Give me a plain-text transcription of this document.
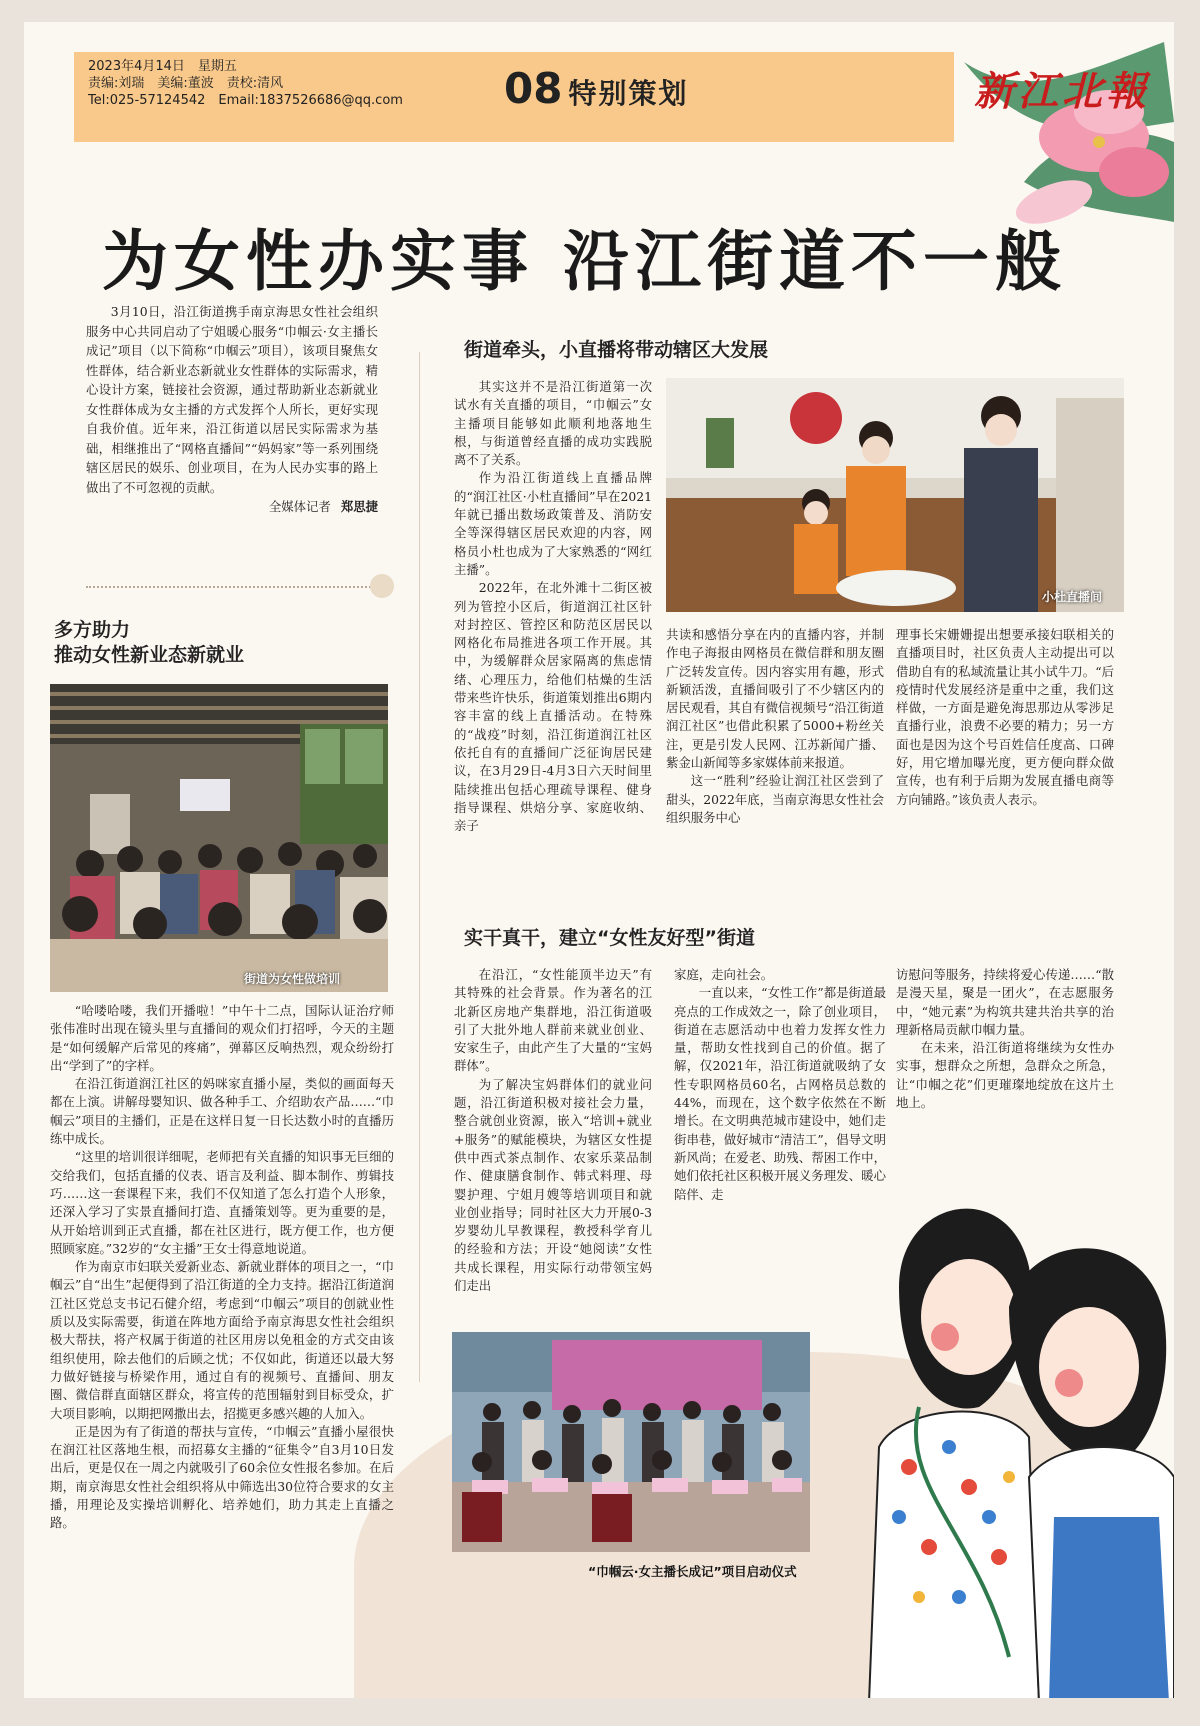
2023年4月14日　星期五
责编:刘瑞　美编:董波　责校:清风
Tel:025-57124542　Email:1837526686@qq.com 08 特别策划	新江北報
为女性办实事 沿江街道不一般

3月10日，沿江街道携手南京海思女性社会组织服务中心共同启动了宁姐暖心服务“巾帼云·女主播长成记”项目（以下简称“巾帼云”项目），该项目聚焦女性群体，结合新业态新就业女性群体的实际需求，精心设计方案，链接社会资源，通过帮助新业态新就业女性群体成为女主播的方式发挥个人所长，更好实现自我价值。近年来，沿江街道以居民实际需求为基础，相继推出了“网格直播间”“妈妈家”等一系列围绕辖区居民的娱乐、创业项目，在为人民办实事的路上做出了不可忽视的贡献。

全媒体记者 郑思捷
多方助力
推动女性新业态新就业
街道为女性做培训

“哈喽哈喽，我们开播啦！”中午十二点，国际认证治疗师张伟准时出现在镜头里与直播间的观众们打招呼，今天的主题是“如何缓解产后常见的疼痛”，弹幕区反响热烈，观众纷纷打出“学到了”的字样。

在沿江街道润江社区的妈咪家直播小屋，类似的画面每天都在上演。讲解母婴知识、做各种手工、介绍助农产品……“巾帼云”项目的主播们，正是在这样日复一日长达数小时的直播历练中成长。

“这里的培训很详细呢，老师把有关直播的知识事无巨细的交给我们，包括直播的仪表、语言及利益、脚本制作、剪辑技巧……这一套课程下来，我们不仅知道了怎么打造个人形象，还深入学习了实景直播间打造、直播策划等。更为重要的是，从开始培训到正式直播，都在社区进行，既方便工作，也方便照顾家庭。”32岁的“女主播”王女士得意地说道。

作为南京市妇联关爱新业态、新就业群体的项目之一，“巾帼云”自“出生”起便得到了沿江街道的全力支持。据沿江街道润江社区党总支书记石健介绍，考虑到“巾帼云”项目的创就业性质以及实际需要，街道在阵地方面给予南京海思女性社会组织极大帮扶，将产权属于街道的社区用房以免租金的方式交由该组织使用，除去他们的后顾之忧；不仅如此，街道还以最大努力做好链接与桥梁作用，通过自有的视频号、直播间、朋友圈、微信群直面辖区群众，将宣传的范围辐射到目标受众，扩大项目影响，以期把网撒出去，招揽更多感兴趣的人加入。

正是因为有了街道的帮扶与宣传，“巾帼云”直播小屋很快在润江社区落地生根，而招募女主播的“征集令”自3月10日发出后，更是仅在一周之内就吸引了60余位女性报名参加。在后期，南京海思女性社会组织将从中筛选出30位符合要求的女主播，用理论及实操培训孵化、培养她们，助力其走上直播之路。

街道牵头，小直播将带动辖区大发展

其实这并不是沿江街道第一次试水有关直播的项目，“巾帼云”女主播项目能够如此顺利地落地生根，与街道曾经直播的成功实践脱离不了关系。

作为沿江街道线上直播品牌的“润江社区·小杜直播间”早在2021年就已播出数场政策普及、消防安全等深得辖区居民欢迎的内容，网格员小杜也成为了大家熟悉的“网红主播”。

2022年，在北外滩十二街区被列为管控小区后，街道润江社区针对封控区、管控区和防范区居民以网格化布局推进各项工作开展。其中，为缓解群众居家隔离的焦虑情绪、心理压力，给他们枯燥的生活带来些许快乐，街道策划推出6期内容丰富的线上直播活动。在特殊的“战疫”时刻，沿江街道润江社区依托自有的直播间广泛征询居民建议，在3月29日-4月3日六天时间里陆续推出包括心理疏导课程、健身指导课程、烘焙分享、家庭收纳、亲子

小杜直播间

共读和感悟分享在内的直播内容，并制作电子海报由网格员在微信群和朋友圈广泛转发宣传。因内容实用有趣，形式新颖活泼，直播间吸引了不少辖区内的居民观看，其自有微信视频号“沿江街道润江社区”也借此积累了5000+粉丝关注，更是引发人民网、江苏新闻广播、紫金山新闻等多家媒体前来报道。

这一“胜利”经验让润江社区尝到了甜头，2022年底，当南京海思女性社会组织服务中心

理事长宋姗姗提出想要承接妇联相关的直播项目时，社区负责人主动提出可以借助自有的私域流量让其小试牛刀。“后疫情时代发展经济是重中之重，我们这样做，一方面是避免海思那边从零涉足直播行业，浪费不必要的精力；另一方面也是因为这个号百姓信任度高、口碑好，用它增加曝光度，更方便向群众做宣传，也有利于后期为发展直播电商等方向铺路。”该负责人表示。

实干真干，建立“女性友好型”街道

在沿江，“女性能顶半边天”有其特殊的社会背景。作为著名的江北新区房地产集群地，沿江街道吸引了大批外地人群前来就业创业、安家生子，由此产生了大量的“宝妈群体”。

为了解决宝妈群体们的就业问题，沿江街道积极对接社会力量，整合就创业资源，嵌入“培训+就业+服务”的赋能模块，为辖区女性提供中西式茶点制作、农家乐菜品制作、健康膳食制作、韩式料理、母婴护理、宁姐月嫂等培训项目和就业创业指导；同时社区大力开展0-3岁婴幼儿早教课程，教授科学育儿的经验和方法；开设“她阅读”女性共成长课程，用实际行动带领宝妈们走出

家庭，走向社会。

一直以来，“女性工作”都是街道最亮点的工作成效之一，除了创业项目，街道在志愿活动中也着力发挥女性力量，帮助女性找到自己的价值。据了解，仅2021年，沿江街道就吸纳了女性专职网格员60名，占网格员总数的44%，而现在，这个数字依然在不断增长。在文明典范城市建设中，她们走街串巷，做好城市“清洁工”，倡导文明新风尚；在爱老、助残、帮困工作中，她们依托社区积极开展义务理发、暖心陪伴、走

访慰问等服务，持续将爱心传递……“散是漫天星，聚是一团火”，在志愿服务中，“她元素”为构筑共建共治共享的治理新格局贡献巾帼力量。

在未来，沿江街道将继续为女性办实事，想群众之所想，急群众之所急，让“巾帼之花”们更璀璨地绽放在这片土地上。

“巾帼云·女主播长成记”项目启动仪式
